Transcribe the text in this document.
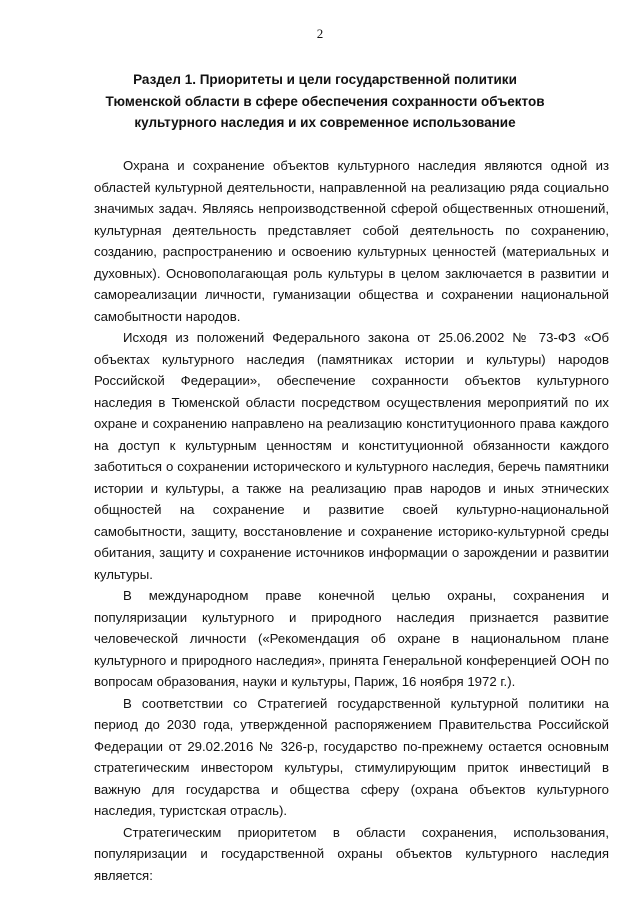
2
Раздел 1. Приоритеты и цели государственной политики Тюменской области в сфере обеспечения сохранности объектов культурного наследия и их современное использование

Охрана и сохранение объектов культурного наследия являются одной из областей культурной деятельности, направленной на реализацию ряда социально значимых задач. Являясь непроизводственной сферой общественных отношений, культурная деятельность представляет собой деятельность по сохранению, созданию, распространению и освоению культурных ценностей (материальных и духовных). Основополагающая роль культуры в целом заключается в развитии и самореализации личности, гуманизации общества и сохранении национальной самобытности народов.

Исходя из положений Федерального закона от 25.06.2002 № 73-ФЗ «Об объектах культурного наследия (памятниках истории и культуры) народов Российской Федерации», обеспечение сохранности объектов культурного наследия в Тюменской области посредством осуществления мероприятий по их охране и сохранению направлено на реализацию конституционного права каждого на доступ к культурным ценностям и конституционной обязанности каждого заботиться о сохранении исторического и культурного наследия, беречь памятники истории и культуры, а также на реализацию прав народов и иных этнических общностей на сохранение и развитие своей культурно-национальной самобытности, защиту, восстановление и сохранение историко-культурной среды обитания, защиту и сохранение источников информации о зарождении и развитии культуры.

В международном праве конечной целью охраны, сохранения и популяризации культурного и природного наследия признается развитие человеческой личности («Рекомендация об охране в национальном плане культурного и природного наследия», принята Генеральной конференцией ООН по вопросам образования, науки и культуры, Париж, 16 ноября 1972 г.).

В соответствии со Стратегией государственной культурной политики на период до 2030 года, утвержденной распоряжением Правительства Российской Федерации от 29.02.2016 № 326-р, государство по-прежнему остается основным стратегическим инвестором культуры, стимулирующим приток инвестиций в важную для государства и общества сферу (охрана объектов культурного наследия, туристская отрасль).

Стратегическим приоритетом в области сохранения, использования, популяризации и государственной охраны объектов культурного наследия является:
